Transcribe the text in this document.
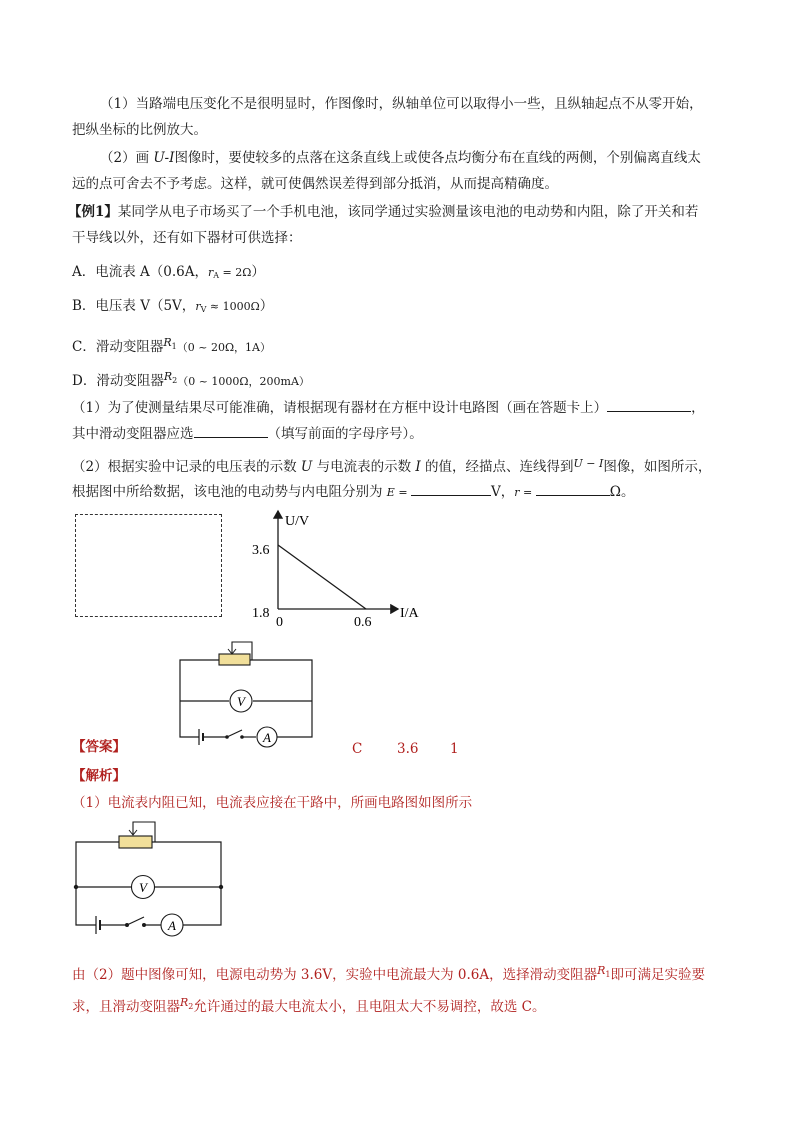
（1）当路端电压变化不是很明显时，作图像时，纵轴单位可以取得小一些，且纵轴起点不从零开始，
把纵坐标的比例放大。
（2）画 U-I图像时，要使较多的点落在这条直线上或使各点均衡分布在直线的两侧，个别偏离直线太
远的点可舍去不予考虑。这样，就可使偶然误差得到部分抵消，从而提高精确度。
【例1】某同学从电子市场买了一个手机电池，该同学通过实验测量该电池的电动势和内阻，除了开关和若
干导线以外，还有如下器材可供选择：
A．电流表 A（0.6A，$r_A = 2\Omega$）
B．电压表 V（5V，$r_V \approx 1000\Omega$）
C．滑动变阻器$^{R1}$（0 ~ 20Ω，1A）
D．滑动变阻器$^{R2}$（0 ~ 1000Ω，200mA）
（1）为了使测量结果尽可能准确，请根据现有器材在方框中设计电路图（画在答题卡上）	，
其中滑动变阻器应选	（填写前面的字母序号）。
（2）根据实验中记录的电压表的示数 U 与电流表的示数 I 的值，经描点、连线得到$^{U - I}$图像，如图所示，
根据图中所给数据，该电池的电动势与内电阻分别为 E =	V，r =	Ω。
U/V
I/A
3.6
1.8
0	0.6
V
A
【答案】	C	3.6 1
【解析】
（1）电流表内阻已知，电流表应接在干路中，所画电路图如图所示
V
A
由（2）题中图像可知，电源电动势为 3.6V，实验中电流最大为 0.6A，选择滑动变阻器$^{R1}$即可满足实验要
求，且滑动变阻器$^{R2}$允许通过的最大电流太小，且电阻太大不易调控，故选 C。
